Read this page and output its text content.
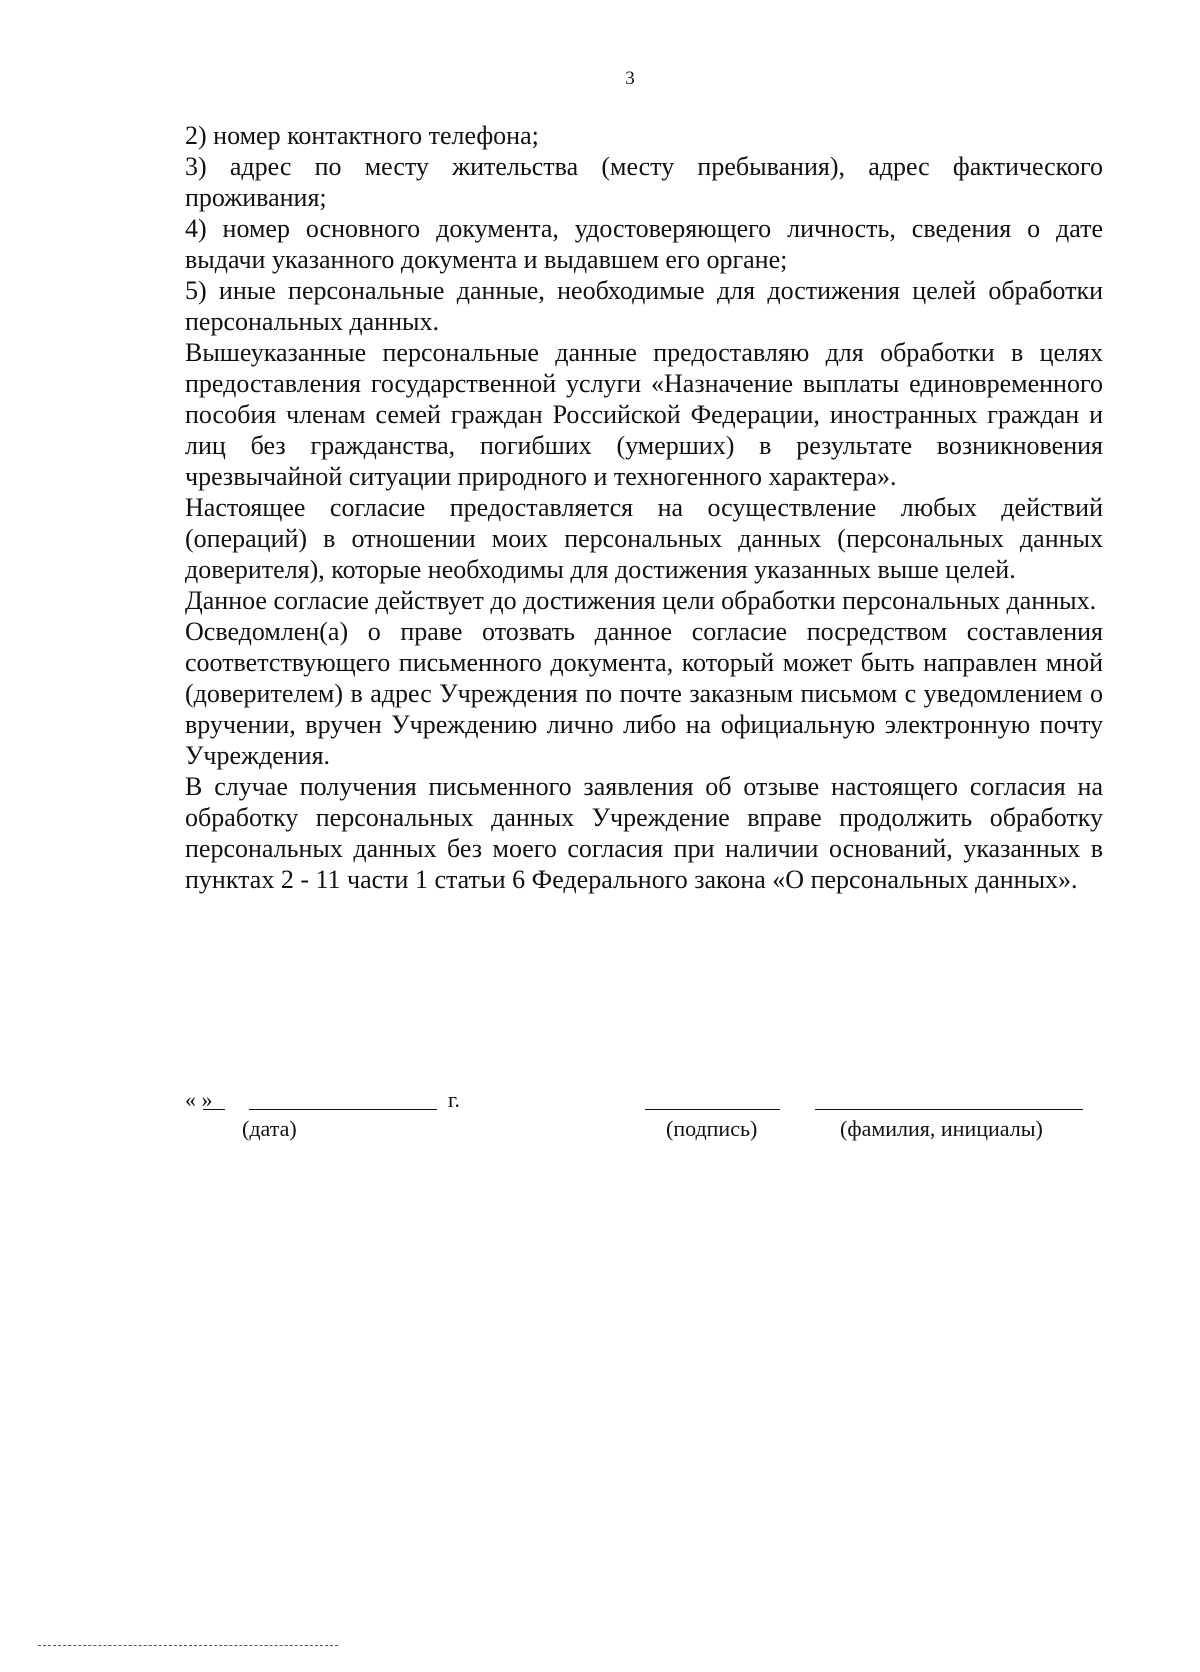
3

2) номер контактного телефона;

3) адрес по месту жительства (месту пребывания), адрес фактического проживания;

4) номер основного документа, удостоверяющего личность, сведения о дате выдачи указанного документа и выдавшем его органе;

5) иные персональные данные, необходимые для достижения целей обработки персональных данных.

Вышеуказанные персональные данные предоставляю для обработки в целях предоставления государственной услуги «Назначение выплаты единовременного пособия членам семей граждан Российской Федерации, иностранных граждан и лиц без гражданства, погибших (умерших) в результате возникновения чрезвычайной ситуации природного и техногенного характера».

Настоящее согласие предоставляется на осуществление любых действий (операций) в отношении моих персональных данных (персональных данных доверителя), которые необходимы для достижения указанных выше целей.

Данное согласие действует до достижения цели обработки персональных данных.

Осведомлен(а) о праве отозвать данное согласие посредством составления соответствующего письменного документа, который может быть направлен мной (доверителем) в адрес Учреждения по почте заказным письмом с уведомлением о вручении, вручен Учреждению лично либо на официальную электронную почту Учреждения.

В случае получения письменного заявления об отзыве настоящего согласия на обработку персональных данных Учреждение вправе продолжить обработку персональных данных без моего согласия при наличии оснований, указанных в пунктах 2 - 11 части 1 статьи 6 Федерального закона «О персональных данных».

« »	г.
(дата)	(подпись)	(фамилия, инициалы)
